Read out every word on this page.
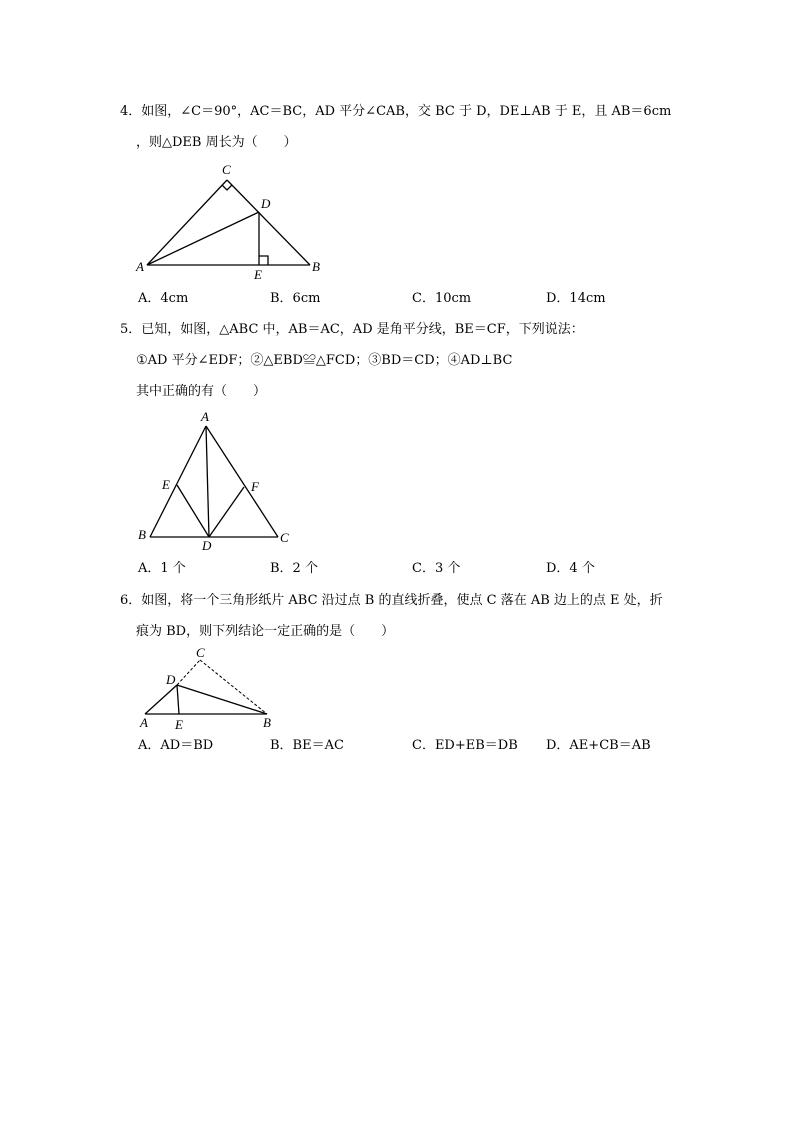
4．如图，∠C＝90°，AC＝BC，AD 平分∠CAB，交 BC 于 D，DE⊥AB 于 E，且 AB＝6cm
，则△DEB 周长为（　　）
C
D
A
E
B
A．4cm	B．6cm	C．10cm	D．14cm
5．已知，如图，△ABC 中，AB＝AC，AD 是角平分线，BE＝CF，下列说法：
①AD 平分∠EDF；②△EBD≌△FCD；③BD＝CD；④AD⊥BC
其中正确的有（　　）
A
E	F
B
D
C
A．1 个	B．2 个	C．3 个	D．4 个
6．如图，将一个三角形纸片 ABC 沿过点 B 的直线折叠，使点 C 落在 AB 边上的点 E 处，折
痕为 BD，则下列结论一定正确的是（　　）
C
D
A E	B
A．AD＝BD	B．BE＝AC	C．ED+EB＝DB D．AE+CB＝AB
